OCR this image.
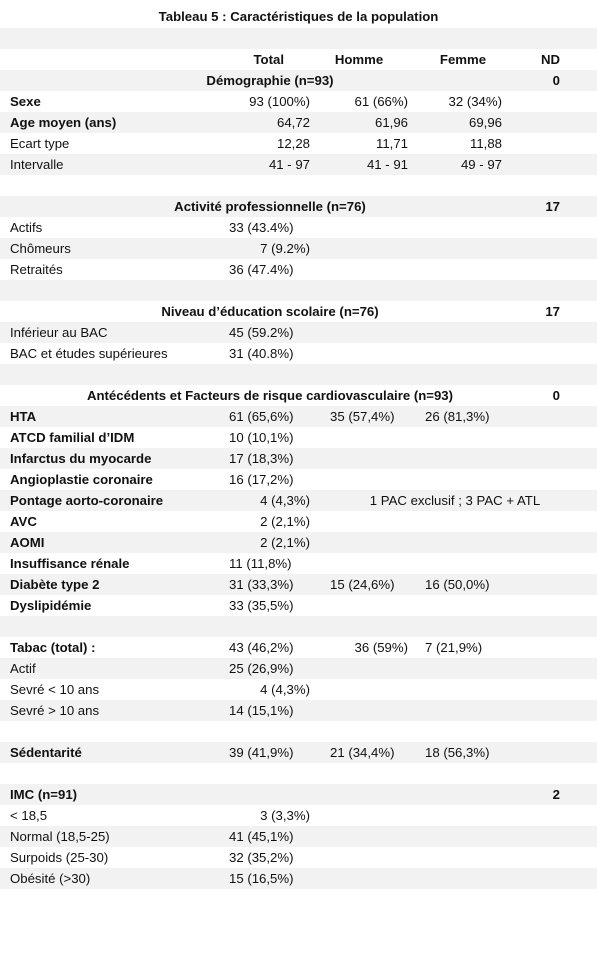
Tableau 5 : Caractéristiques de la population
Total	Homme	Femme	ND
Démographie (n=93)	0
Sexe	93 (100%)	61 (66%)	32 (34%)
Age moyen (ans)	64,72	61,96	69,96
Ecart type	12,28	11,71	11,88
Intervalle	41 - 97	41 - 91	49 - 97
Activité professionnelle (n=76)	17
Actifs	33 (43.4%)
Chômeurs	7 (9.2%)
Retraités	36 (47.4%)
Niveau d’éducation scolaire (n=76)	17
Inférieur au BAC	45 (59.2%)
BAC et études supérieures	31 (40.8%)
Antécédents et Facteurs de risque cardiovasculaire (n=93)	0
HTA	61 (65,6%)	35 (57,4%) 26 (81,3%)
ATCD familial d’IDM	10 (10,1%)
Infarctus du myocarde	17 (18,3%)
Angioplastie coronaire	16 (17,2%)
Pontage aorto-coronaire	4 (4,3%)	1 PAC exclusif ; 3 PAC + ATL
AVC	2 (2,1%)
AOMI	2 (2,1%)
Insuffisance rénale	11 (11,8%)
Diabète type 2	31 (33,3%)	15 (24,6%) 16 (50,0%)
Dyslipidémie	33 (35,5%)
Tabac (total) :	43 (46,2%)	36 (59%) 7 (21,9%)
Actif	25 (26,9%)
Sevré < 10 ans	4 (4,3%)
Sevré > 10 ans	14 (15,1%)
Sédentarité	39 (41,9%)	21 (34,4%) 18 (56,3%)
IMC (n=91)	2
< 18,5	3 (3,3%)
Normal (18,5-25)	41 (45,1%)
Surpoids (25-30)	32 (35,2%)
Obésité (>30)	15 (16,5%)
